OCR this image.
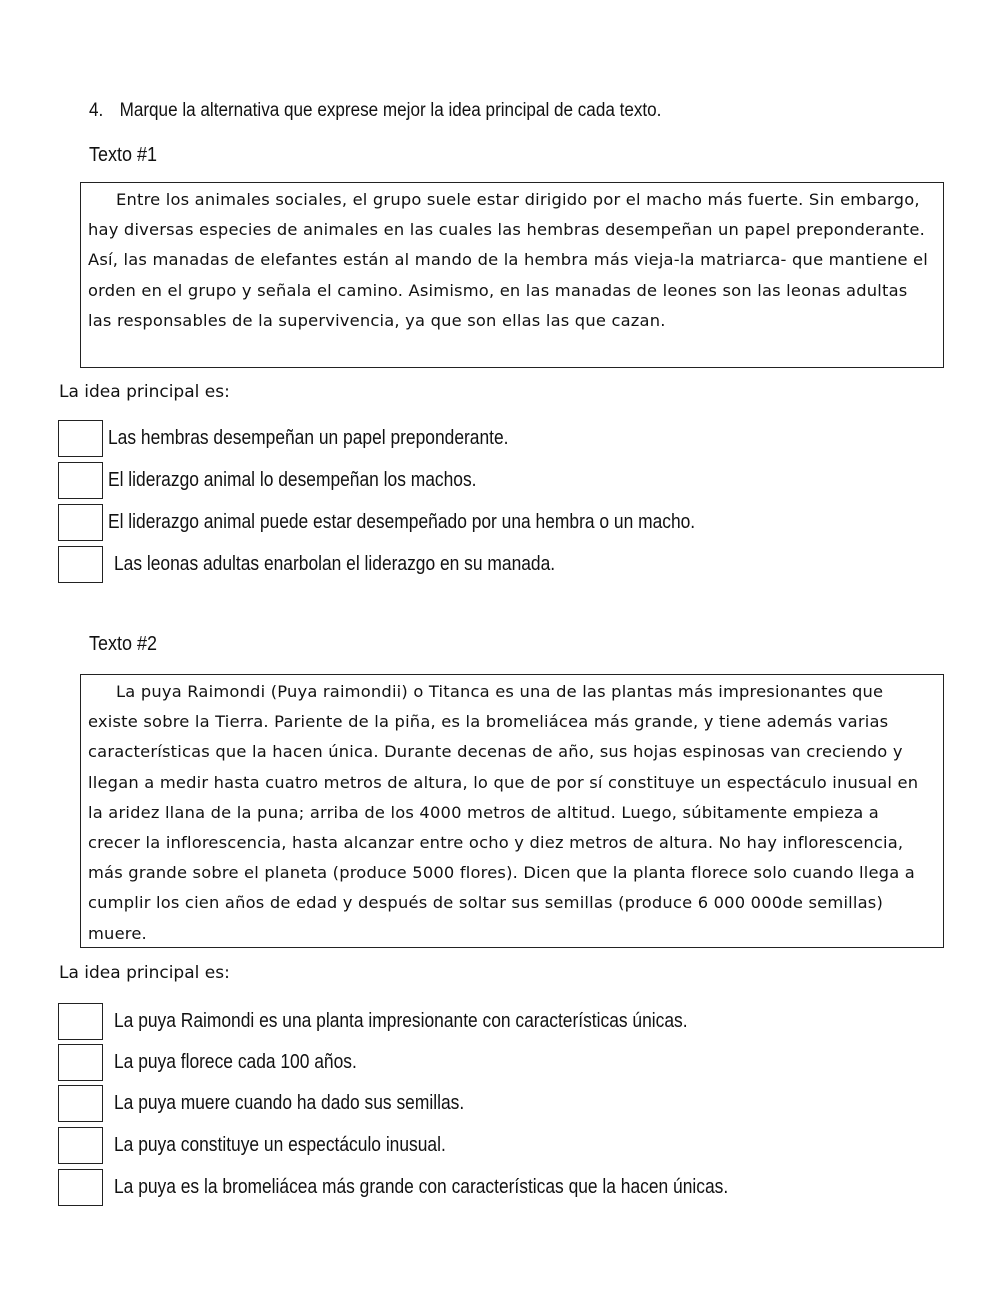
4. Marque la alternativa que exprese mejor la idea principal de cada texto.
Texto #1

Entre los animales sociales, el grupo suele estar dirigido por el macho más fuerte. Sin embargo, hay diversas especies de animales en las cuales las hembras desempeñan un papel preponderante. Así, las manadas de elefantes están al mando de la hembra más vieja-la matriarca- que mantiene el orden en el grupo y señala el camino. Asimismo, en las manadas de leones son las leonas adultas las responsables de la supervivencia, ya que son ellas las que cazan.

La idea principal es:
Las hembras desempeñan un papel preponderante.
El liderazgo animal lo desempeñan los machos.
El liderazgo animal puede estar desempeñado por una hembra o un macho.
Las leonas adultas enarbolan el liderazgo en su manada.
Texto #2

La puya Raimondi (Puya raimondii) o Titanca es una de las plantas más impresionantes que existe sobre la Tierra. Pariente de la piña, es la bromeliácea más grande, y tiene además varias características que la hacen única. Durante decenas de año, sus hojas espinosas van creciendo y llegan a medir hasta cuatro metros de altura, lo que de por sí constituye un espectáculo inusual en la aridez llana de la puna; arriba de los 4000 metros de altitud. Luego, súbitamente empieza a crecer la inflorescencia, hasta alcanzar entre ocho y diez metros de altura. No hay inflorescencia, más grande sobre el planeta (produce 5000 flores). Dicen que la planta florece solo cuando llega a cumplir los cien años de edad y después de soltar sus semillas (produce 6 000 000de semillas) muere.

La idea principal es:
La puya Raimondi es una planta impresionante con características únicas.
La puya florece cada 100 años.
La puya muere cuando ha dado sus semillas.
La puya constituye un espectáculo inusual.
La puya es la bromeliácea más grande con características que la hacen únicas.
